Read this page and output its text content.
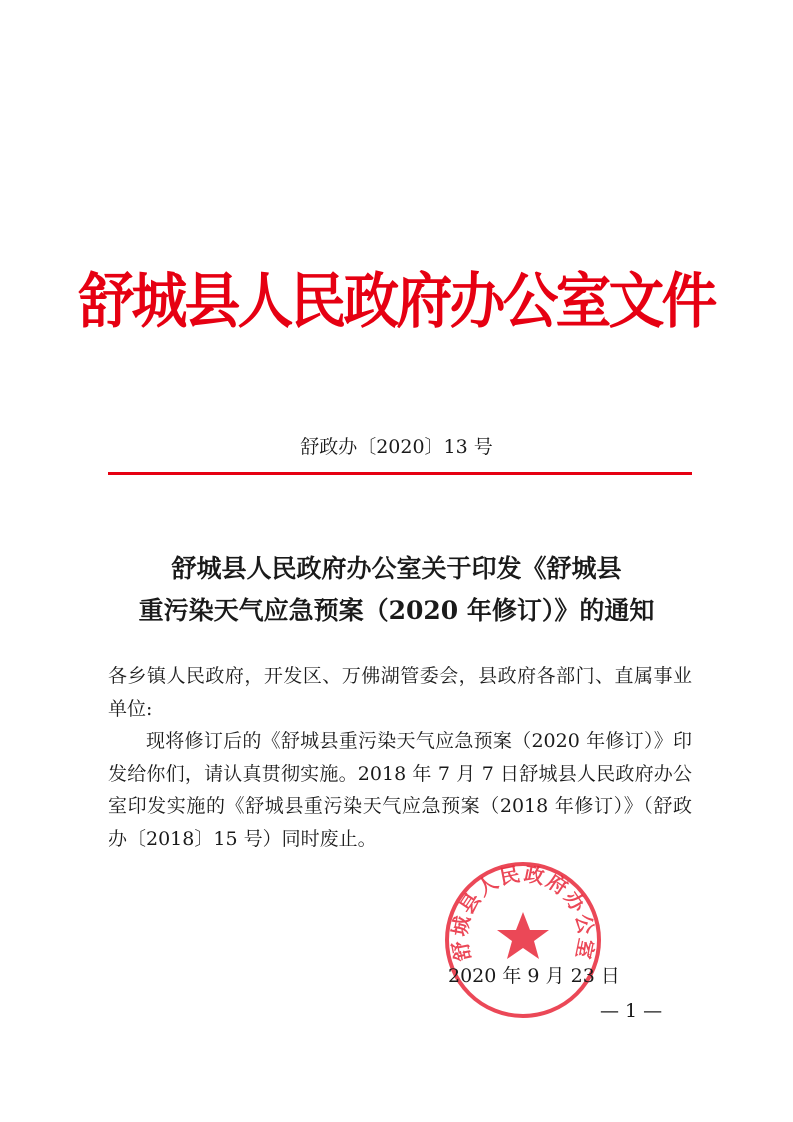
舒城县人民政府办公室文件
舒政办〔2020〕13 号
舒城县人民政府办公室关于印发《舒城县
重污染天气应急预案（2020 年修订）》的通知

各乡镇人民政府，开发区、万佛湖管委会，县政府各部门、直属事业单位:

现将修订后的《舒城县重污染天气应急预案（2020 年修订）》印发给你们，请认真贯彻实施。2018 年 7 月 7 日舒城县人民政府办公室印发实施的《舒城县重污染天气应急预案（2018 年修订）》（舒政办〔2018〕15 号）同时废止。

舒城县人民政府办公室
2020 年 9 月 23 日
— 1 —
